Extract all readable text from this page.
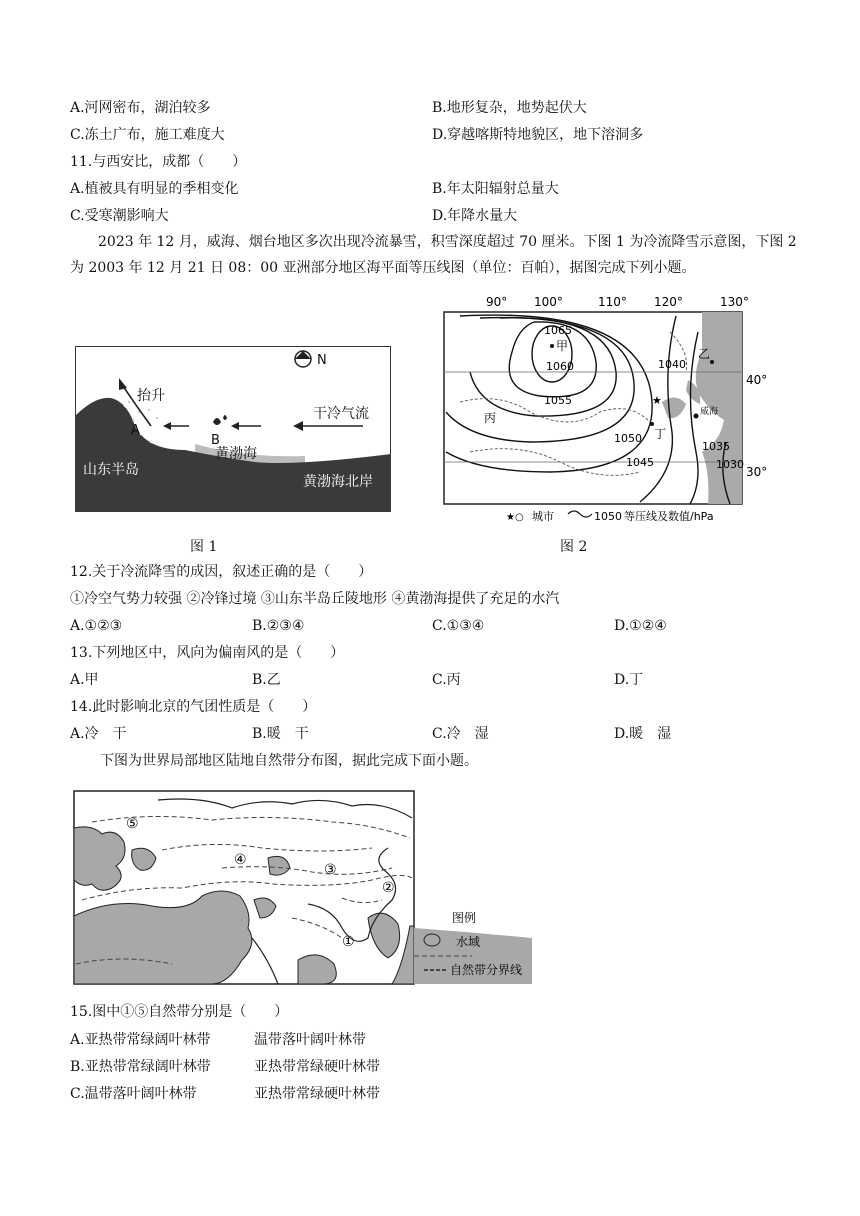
A.河网密布，湖泊较多	B.地形复杂，地势起伏大
C.冻土广布，施工难度大	D.穿越喀斯特地貌区，地下溶洞多
11.与西安比，成都（　　）
A.植被具有明显的季相变化	B.年太阳辐射总量大
C.受寒潮影响大	D.年降水量大
2023 年 12 月，威海、烟台地区多次出现冷流暴雪，积雪深度超过 70 厘米。下图 1 为冷流降雪示意图，下图 2 为 2003 年 12 月 21 日 08：00 亚洲部分地区海平面等压线图（单位：百帕），据图完成下列小题。
抬升
干冷气流
A
B
黄渤海
山东半岛
黄渤海北岸
N
图 1
90° 100°	110° 120°	130°
1065
1060
1055
1050
1045
1040
1035
1030
甲
乙
丙
丁
★
威海
40°
30°
★○ 城市	1050 等压线及数值/hPa
图 2
12.关于冷流降雪的成因，叙述正确的是（　　）
①冷空气势力较强 ②冷锋过境 ③山东半岛丘陵地形 ④黄渤海提供了充足的水汽
A.①②③	B.②③④	C.①③④	D.①②④
13.下列地区中，风向为偏南风的是（　　）
A.甲	B.乙	C.丙	D.丁
14.此时影响北京的气团性质是（　　）
A.冷　干	B.暖　干	C.冷　湿	D.暖　湿
下图为世界局部地区陆地自然带分布图，据此完成下面小题。
⑤
④
③
②
①
图例
水域
自然带分界线
15.图中①⑤自然带分别是（　　）
A.亚热带常绿阔叶林带	温带落叶阔叶林带
B.亚热带常绿阔叶林带	亚热带常绿硬叶林带
C.温带落叶阔叶林带	亚热带常绿硬叶林带
